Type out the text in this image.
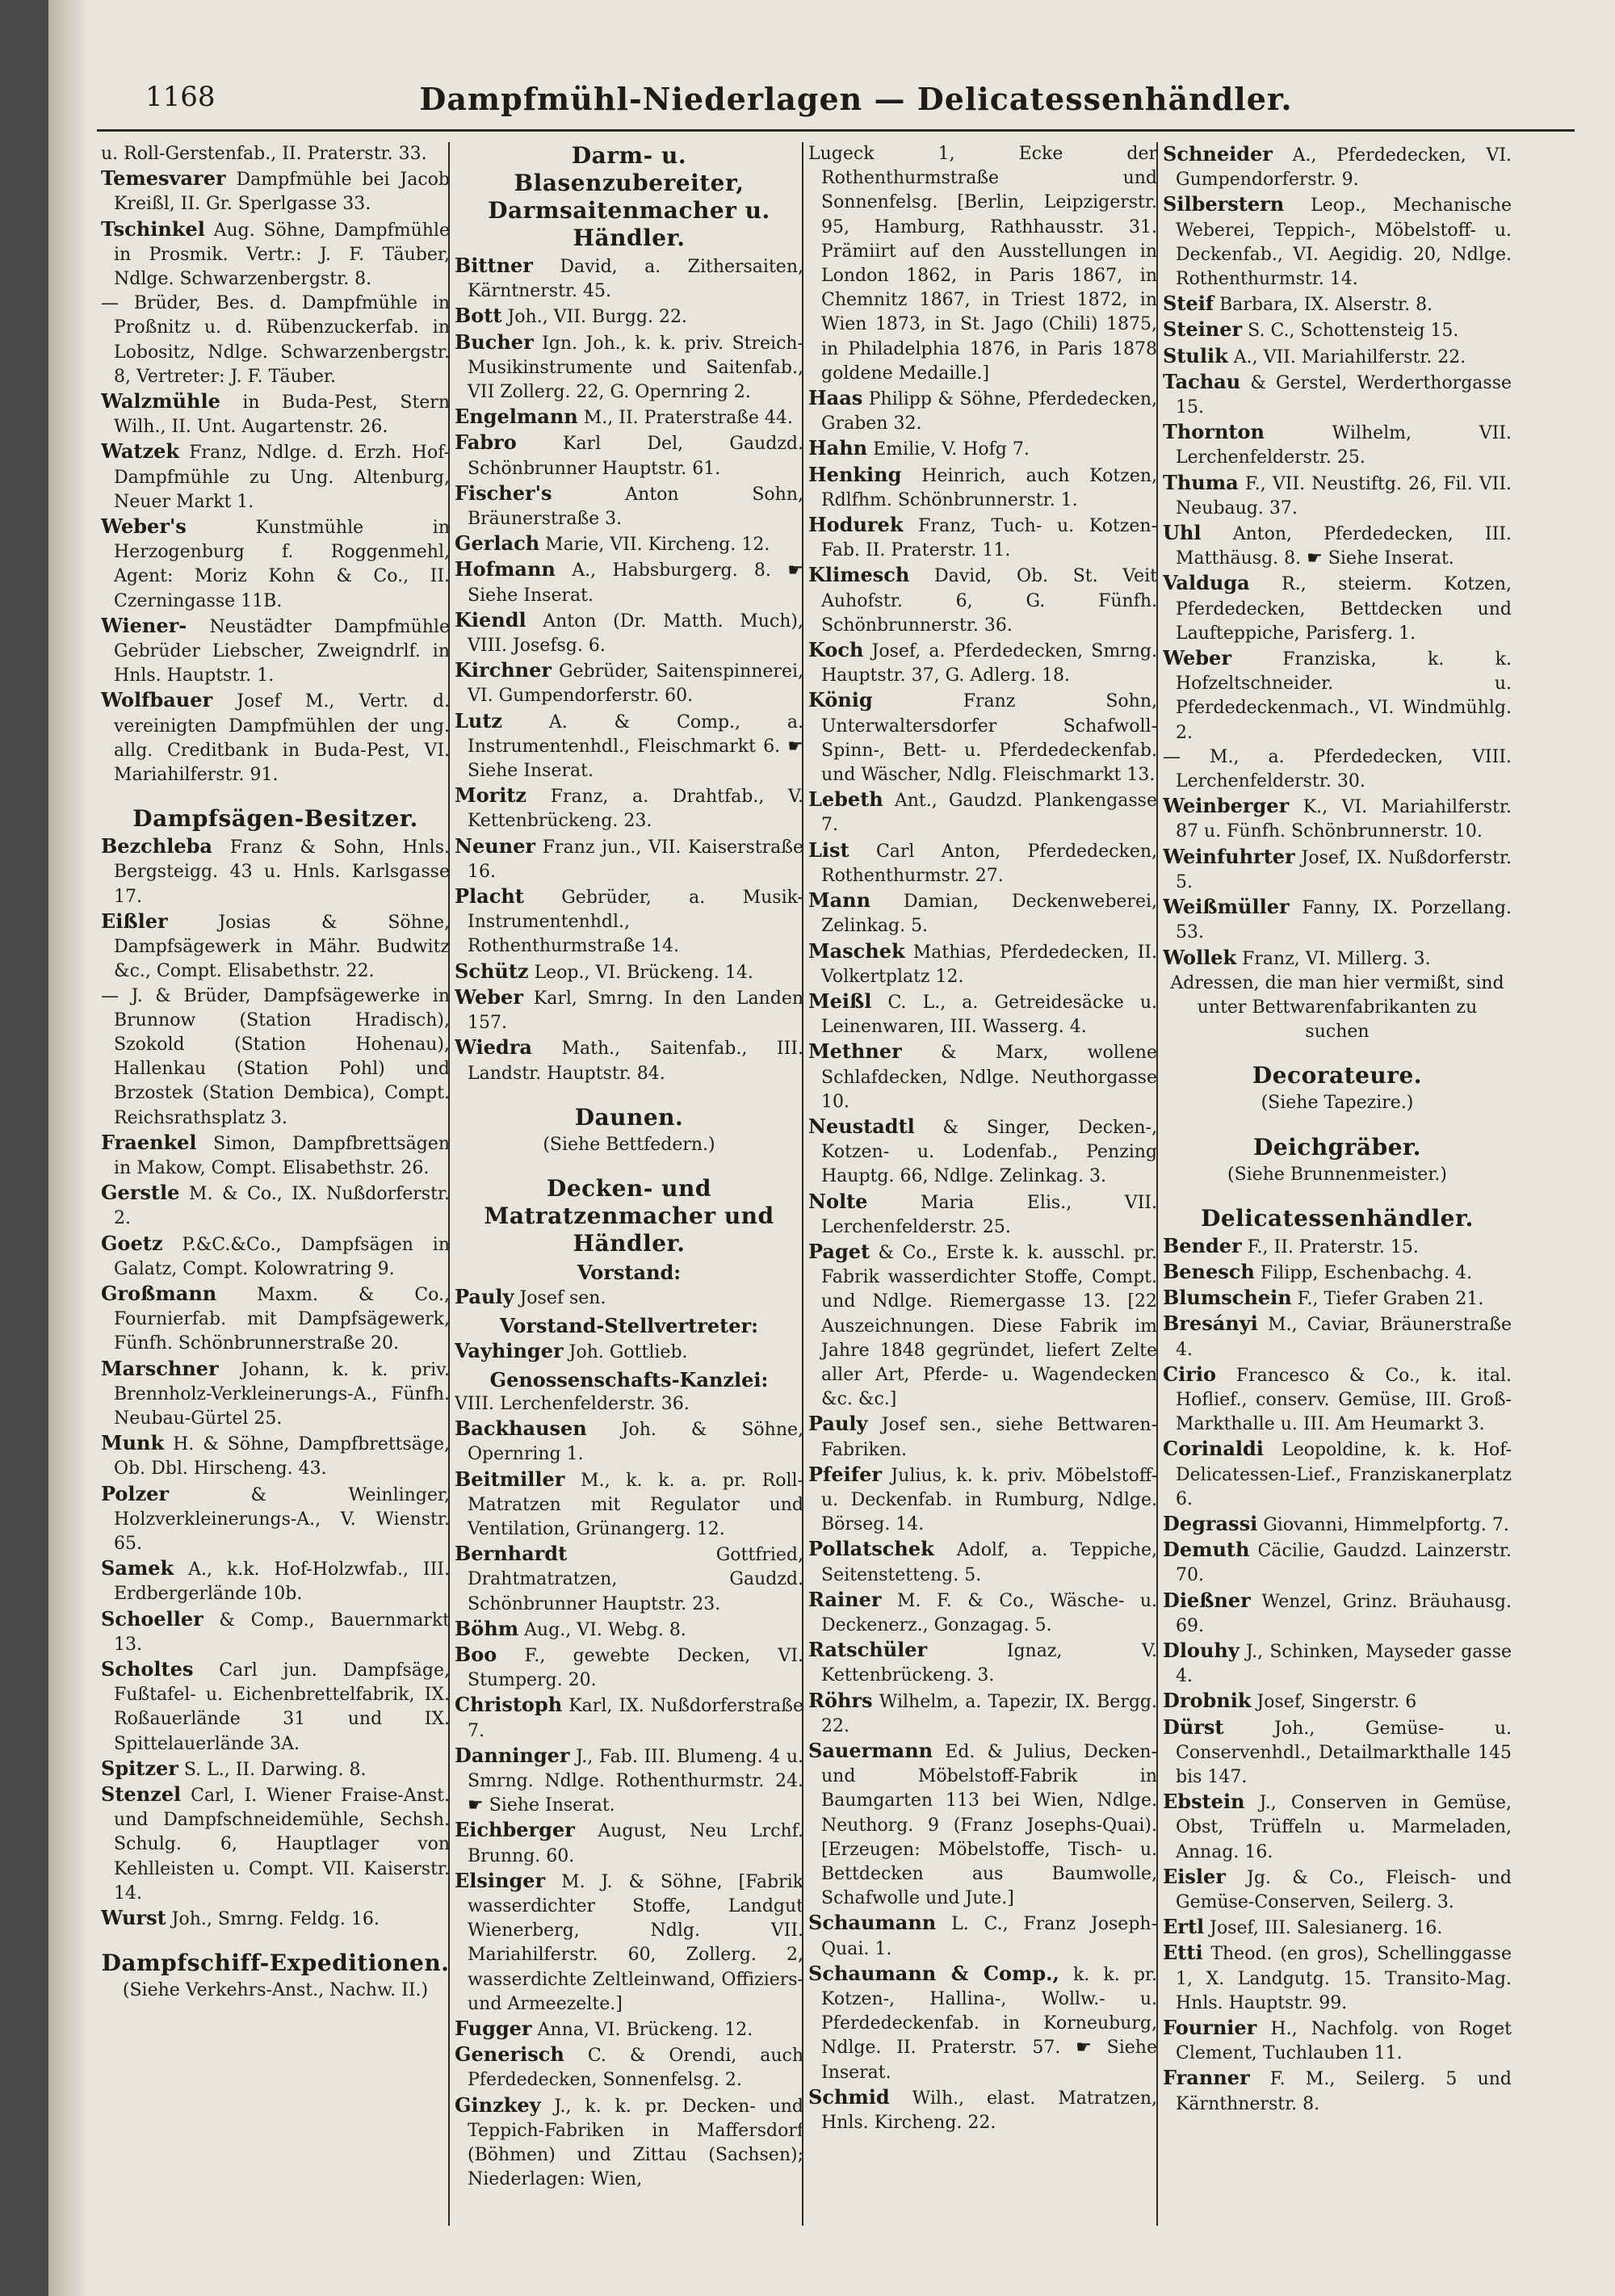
1168	Dampfmühl-Niederlagen — Delicatessenhändler.

u. Roll-Gerstenfab., II. Praterstr. 33.

Temesvarer Dampfmühle bei Jacob Kreißl, II. Gr. Sperlgasse 33.

Tschinkel Aug. Söhne, Dampfmühle in Prosmik. Vertr.: J. F. Täuber, Ndlge. Schwarzenbergstr. 8.

— Brüder, Bes. d. Dampfmühle in Proßnitz u. d. Rübenzuckerfab. in Lobositz, Ndlge. Schwarzenbergstr. 8, Vertreter: J. F. Täuber.

Walzmühle in Buda-Pest, Stern Wilh., II. Unt. Augartenstr. 26.

Watzek Franz, Ndlge. d. Erzh. Hof-Dampfmühle zu Ung. Altenburg, Neuer Markt 1.

Weber's	Kunstmühle in Herzogenburg f. Roggenmehl, Agent: Moriz Kohn & Co., II. Czerningasse 11B.

Wiener- Neustädter Dampfmühle Gebrüder Liebscher, Zweigndrlf. in Hnls. Hauptstr. 1.

Wolfbauer Josef M., Vertr. d. vereinigten Dampfmühlen der ung. allg. Creditbank in Buda-Pest, VI. Mariahilferstr. 91.

Dampfsägen-Besitzer.

Bezchleba Franz & Sohn, Hnls. Bergsteigg. 43 u. Hnls. Karlsgasse 17.

Eißler	Josias & Söhne, Dampfsägewerk in Mähr. Budwitz &c., Compt. Elisabethstr. 22.

— J. & Brüder, Dampfsägewerke in Brunnow (Station Hradisch), Szokold (Station Hohenau), Hallenkau (Station Pohl) und Brzostek (Station Dembica), Compt. Reichsrathsplatz 3.

Fraenkel Simon, Dampfbrettsägen in Makow, Compt. Elisabethstr. 26.

Gerstle M. & Co., IX. Nußdorferstr. 2.

Goetz P.&C.&Co., Dampfsägen in Galatz, Compt. Kolowratring 9.

Großmann Maxm. & Co., Fournierfab. mit Dampfsägewerk, Fünfh. Schönbrunnerstraße 20.

Marschner Johann, k. k. priv. Brennholz-Verkleinerungs-A., Fünfh. Neubau-Gürtel 25.

Munk H. & Söhne, Dampfbrettsäge, Ob. Dbl. Hirscheng. 43.

Polzer	& Weinlinger, Holzverkleinerungs-A., V. Wienstr. 65.

Samek A., k.k. Hof-Holzwfab., III. Erdbergerlände 10b.

Schoeller & Comp., Bauernmarkt 13.

Scholtes Carl jun. Dampfsäge, Fußtafel- u. Eichenbrettelfabrik, IX. Roßauerlände 31 und IX. Spittelauerlände 3A.

Spitzer S. L., II. Darwing. 8.

Stenzel Carl, I. Wiener Fraise-Anst. und Dampfschneidemühle, Sechsh. Schulg. 6, Hauptlager von Kehlleisten u. Compt. VII. Kaiserstr. 14.

Wurst Joh., Smrng. Feldg. 16.

Dampfschiff-Expeditionen.
(Siehe Verkehrs-Anst., Nachw. II.)
Darm- u. Blasenzubereiter, Darmsaitenmacher u. Händler.

Bittner David, a. Zithersaiten, Kärntnerstr. 45.

Bott Joh., VII. Burgg. 22.

Bucher Ign. Joh., k. k. priv. Streich-Musikinstrumente und Saitenfab., VII Zollerg. 22, G. Opernring 2.

Engelmann M., II. Praterstraße 44.

Fabro	Karl Del, Gaudzd. Schönbrunner Hauptstr. 61.

Fischer's	Anton Sohn, Bräunerstraße 3.

Gerlach Marie, VII. Kircheng. 12.

Hofmann A., Habsburgerg. 8. ☛ Siehe Inserat.

Kiendl Anton (Dr. Matth. Much), VIII. Josefsg. 6.

Kirchner Gebrüder, Saitenspinnerei, VI. Gumpendorferstr. 60.

Lutz	A. & Comp., a. Instrumentenhdl., Fleischmarkt 6. ☛ Siehe Inserat.

Moritz Franz, a. Drahtfab., V. Kettenbrückeng. 23.

Neuner Franz jun., VII. Kaiserstraße 16.

Placht Gebrüder, a. Musik-Instrumentenhdl., Rothenthurmstraße 14.

Schütz Leop., VI. Brückeng. 14.

Weber Karl, Smrng. In den Landen 157.

Wiedra Math., Saitenfab., III. Landstr. Hauptstr. 84.

Daunen.
(Siehe Bettfedern.)
Decken- und Matratzenmacher und Händler.
Vorstand:

Pauly Josef sen.

Vorstand-Stellvertreter:

Vayhinger Joh. Gottlieb.

Genossenschafts-Kanzlei:

VIII. Lerchenfelderstr. 36.

Backhausen Joh. & Söhne, Opernring 1.

Beitmiller M., k. k. a. pr. Roll-Matratzen mit Regulator und Ventilation, Grünangerg. 12.

Bernhardt	Gottfried, Drahtmatratzen, Gaudzd. Schönbrunner Hauptstr. 23.

Böhm Aug., VI. Webg. 8.

Boo F., gewebte Decken, VI. Stumperg. 20.

Christoph Karl, IX. Nußdorferstraße 7.

Danninger J., Fab. III. Blumeng. 4 u. Smrng. Ndlge. Rothenthurmstr. 24. ☛ Siehe Inserat.

Eichberger August, Neu Lrchf. Brunng. 60.

Elsinger M. J. & Söhne, [Fabrik wasserdichter Stoffe, Landgut Wienerberg, Ndlg. VII. Mariahilferstr. 60, Zollerg. 2, wasserdichte Zeltleinwand, Offiziers- und Armeezelte.]

Fugger Anna, VI. Brückeng. 12.

Generisch C. & Orendi, auch Pferdedecken, Sonnenfelsg. 2.

Ginzkey J., k. k. pr. Decken- und Teppich-Fabriken in Maffersdorf (Böhmen) und Zittau (Sachsen); Niederlagen: Wien,

Lugeck 1, Ecke der Rothenthurmstraße und Sonnenfelsg. [Berlin, Leipzigerstr. 95, Hamburg, Rathhausstr. 31. Prämiirt auf den Ausstellungen in London 1862, in Paris 1867, in Chemnitz 1867, in Triest 1872, in Wien 1873, in St. Jago (Chili) 1875, in Philadelphia 1876, in Paris 1878 goldene Medaille.]

Haas Philipp & Söhne, Pferdedecken, Graben 32.

Hahn Emilie, V. Hofg 7.

Henking Heinrich, auch Kotzen, Rdlfhm. Schönbrunnerstr. 1.

Hodurek Franz, Tuch- u. Kotzen-Fab. II. Praterstr. 11.

Klimesch David, Ob. St. Veit Auhofstr. 6, G. Fünfh. Schönbrunnerstr. 36.

Koch Josef, a. Pferdedecken, Smrng. Hauptstr. 37, G. Adlerg. 18.

König	Franz Sohn, Unterwaltersdorfer Schafwoll-Spinn-, Bett- u. Pferdedeckenfab. und Wäscher, Ndlg. Fleischmarkt 13.

Lebeth Ant., Gaudzd. Plankengasse 7.

List Carl Anton, Pferdedecken, Rothenthurmstr. 27.

Mann Damian, Deckenweberei, Zelinkag. 5.

Maschek Mathias, Pferdedecken, II. Volkertplatz 12.

Meißl C. L., a. Getreidesäcke u. Leinenwaren, III. Wasserg. 4.

Methner & Marx, wollene Schlafdecken, Ndlge. Neuthorgasse 10.

Neustadtl & Singer, Decken-, Kotzen- u. Lodenfab., Penzing Hauptg. 66, Ndlge. Zelinkag. 3.

Nolte	Maria Elis., VII. Lerchenfelderstr. 25.

Paget & Co., Erste k. k. ausschl. pr. Fabrik wasserdichter Stoffe, Compt. und Ndlge. Riemergasse 13. [22 Auszeichnungen. Diese Fabrik im Jahre 1848 gegründet, liefert Zelte aller Art, Pferde- u. Wagendecken &c. &c.]

Pauly Josef sen., siehe Bettwaren-Fabriken.

Pfeifer Julius, k. k. priv. Möbelstoff- u. Deckenfab. in Rumburg, Ndlge. Börseg. 14.

Pollatschek Adolf, a. Teppiche, Seitenstetteng. 5.

Rainer M. F. & Co., Wäsche- u. Deckenerz., Gonzagag. 5.

Ratschüler	Ignaz, V. Kettenbrückeng. 3.

Röhrs Wilhelm, a. Tapezir, IX. Bergg. 22.

Sauermann Ed. & Julius, Decken- und Möbelstoff-Fabrik in Baumgarten 113 bei Wien, Ndlge. Neuthorg. 9 (Franz Josephs-Quai). [Erzeugen: Möbelstoffe, Tisch- u. Bettdecken aus Baumwolle, Schafwolle und Jute.]

Schaumann L. C., Franz Joseph-Quai. 1.

Schaumann & Comp., k. k. pr. Kotzen-, Hallina-, Wollw.- u. Pferdedeckenfab. in Korneuburg, Ndlge. II. Praterstr. 57. ☛ Siehe Inserat.

Schmid Wilh., elast. Matratzen, Hnls. Kircheng. 22.

Schneider A., Pferdedecken, VI. Gumpendorferstr. 9.

Silberstern Leop., Mechanische Weberei, Teppich-, Möbelstoff- u. Deckenfab., VI. Aegidig. 20, Ndlge. Rothenthurmstr. 14.

Steif Barbara, IX. Alserstr. 8.

Steiner S. C., Schottensteig 15.

Stulik A., VII. Mariahilferstr. 22.

Tachau & Gerstel, Werderthorgasse 15.

Thornton	Wilhelm, VII. Lerchenfelderstr. 25.

Thuma F., VII. Neustiftg. 26, Fil. VII. Neubaug. 37.

Uhl Anton, Pferdedecken, III. Matthäusg. 8. ☛ Siehe Inserat.

Valduga R., steierm. Kotzen, Pferdedecken, Bettdecken und Laufteppiche, Parisferg. 1.

Weber	Franziska, k. k. Hofzeltschneider. u. Pferdedeckenmach., VI. Windmühlg. 2.

— M., a. Pferdedecken, VIII. Lerchenfelderstr. 30.

Weinberger K., VI. Mariahilferstr. 87 u. Fünfh. Schönbrunnerstr. 10.

Weinfuhrter Josef, IX. Nußdorferstr. 5.

Weißmüller Fanny, IX. Porzellang. 53.

Wollek Franz, VI. Millerg. 3.

Adressen, die man hier vermißt, sind unter Bettwarenfabrikanten zu suchen
Decorateure.
(Siehe Tapezire.)
Deichgräber.
(Siehe Brunnenmeister.)
Delicatessenhändler.

Bender F., II. Praterstr. 15.

Benesch Filipp, Eschenbachg. 4.

Blumschein F., Tiefer Graben 21.

Bresányi M., Caviar, Bräunerstraße 4.

Cirio Francesco & Co., k. ital. Hoflief., conserv. Gemüse, III. Groß-Markthalle u. III. Am Heumarkt 3.

Corinaldi Leopoldine, k. k. Hof-Delicatessen-Lief., Franziskanerplatz 6.

Degrassi Giovanni, Himmelpfortg. 7.

Demuth Cäcilie, Gaudzd. Lainzerstr. 70.

Dießner Wenzel, Grinz. Bräuhausg. 69.

Dlouhy J., Schinken, Mayseder gasse 4.

Drobnik Josef, Singerstr. 6

Dürst	Joh., Gemüse- u. Conservenhdl., Detailmarkthalle 145 bis 147.

Ebstein J., Conserven in Gemüse, Obst, Trüffeln u. Marmeladen, Annag. 16.

Eisler Jg. & Co., Fleisch- und Gemüse-Conserven, Seilerg. 3.

Ertl Josef, III. Salesianerg. 16.

Etti Theod. (en gros), Schellinggasse 1, X. Landgutg. 15. Transito-Mag. Hnls. Hauptstr. 99.

Fournier H., Nachfolg. von Roget Clement, Tuchlauben 11.

Franner F. M., Seilerg. 5 und Kärnthnerstr. 8.
